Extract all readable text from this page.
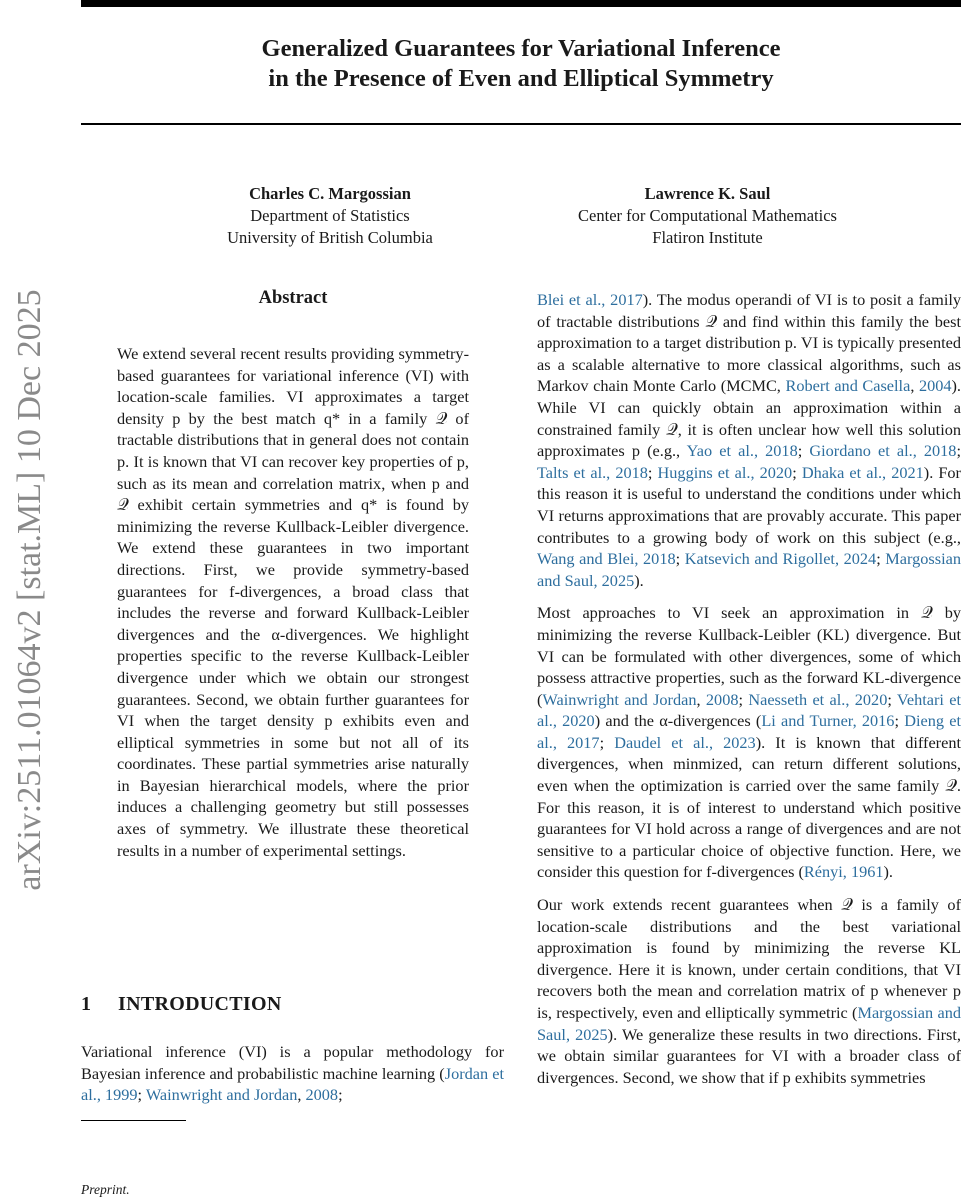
arXiv:2511.01064v2 [stat.ML] 10 Dec 2025
Generalized Guarantees for Variational Inference
in the Presence of Even and Elliptical Symmetry
Charles C. Margossian
Department of Statistics
University of British Columbia
Lawrence K. Saul
Center for Computational Mathematics
Flatiron Institute
Abstract

We extend several recent results providing symmetry-based guarantees for variational inference (VI) with location-scale families. VI approximates a target density p by the best match q* in a family 𝒬 of tractable distributions that in general does not contain p. It is known that VI can recover key properties of p, such as its mean and correlation matrix, when p and 𝒬 exhibit certain symmetries and q* is found by minimizing the reverse Kullback-Leibler divergence. We extend these guarantees in two important directions. First, we provide symmetry-based guarantees for f-divergences, a broad class that includes the reverse and forward Kullback-Leibler divergences and the α-divergences. We highlight properties specific to the reverse Kullback-Leibler divergence under which we obtain our strongest guarantees. Second, we obtain further guarantees for VI when the target density p exhibits even and elliptical symmetries in some but not all of its coordinates. These partial symmetries arise naturally in Bayesian hierarchical models, where the prior induces a challenging geometry but still possesses axes of symmetry. We illustrate these theoretical results in a number of experimental settings.

1 INTRODUCTION

Variational inference (VI) is a popular methodology for Bayesian inference and probabilistic machine learning (Jordan et al., 1999; Wainwright and Jordan, 2008;

Preprint.

Blei et al., 2017). The modus operandi of VI is to posit a family of tractable distributions 𝒬 and find within this family the best approximation to a target distribution p. VI is typically presented as a scalable alternative to more classical algorithms, such as Markov chain Monte Carlo (MCMC, Robert and Casella, 2004). While VI can quickly obtain an approximation within a constrained family 𝒬, it is often unclear how well this solution approximates p (e.g., Yao et al., 2018; Giordano et al., 2018; Talts et al., 2018; Huggins et al., 2020; Dhaka et al., 2021). For this reason it is useful to understand the conditions under which VI returns approximations that are provably accurate. This paper contributes to a growing body of work on this subject (e.g., Wang and Blei, 2018; Katsevich and Rigollet, 2024; Margossian and Saul, 2025).

Most approaches to VI seek an approximation in 𝒬 by minimizing the reverse Kullback-Leibler (KL) divergence. But VI can be formulated with other divergences, some of which possess attractive properties, such as the forward KL-divergence (Wainwright and Jordan, 2008; Naesseth et al., 2020; Vehtari et al., 2020) and the α-divergences (Li and Turner, 2016; Dieng et al., 2017; Daudel et al., 2023). It is known that different divergences, when minmized, can return different solutions, even when the optimization is carried over the same family 𝒬. For this reason, it is of interest to understand which positive guarantees for VI hold across a range of divergences and are not sensitive to a particular choice of objective function. Here, we consider this question for f-divergences (Rényi, 1961).

Our work extends recent guarantees when 𝒬 is a family of location-scale distributions and the best variational approximation is found by minimizing the reverse KL divergence. Here it is known, under certain conditions, that VI recovers both the mean and correlation matrix of p whenever p is, respectively, even and elliptically symmetric (Margossian and Saul, 2025). We generalize these results in two directions. First, we obtain similar guarantees for VI with a broader class of divergences. Second, we show that if p exhibits symmetries
